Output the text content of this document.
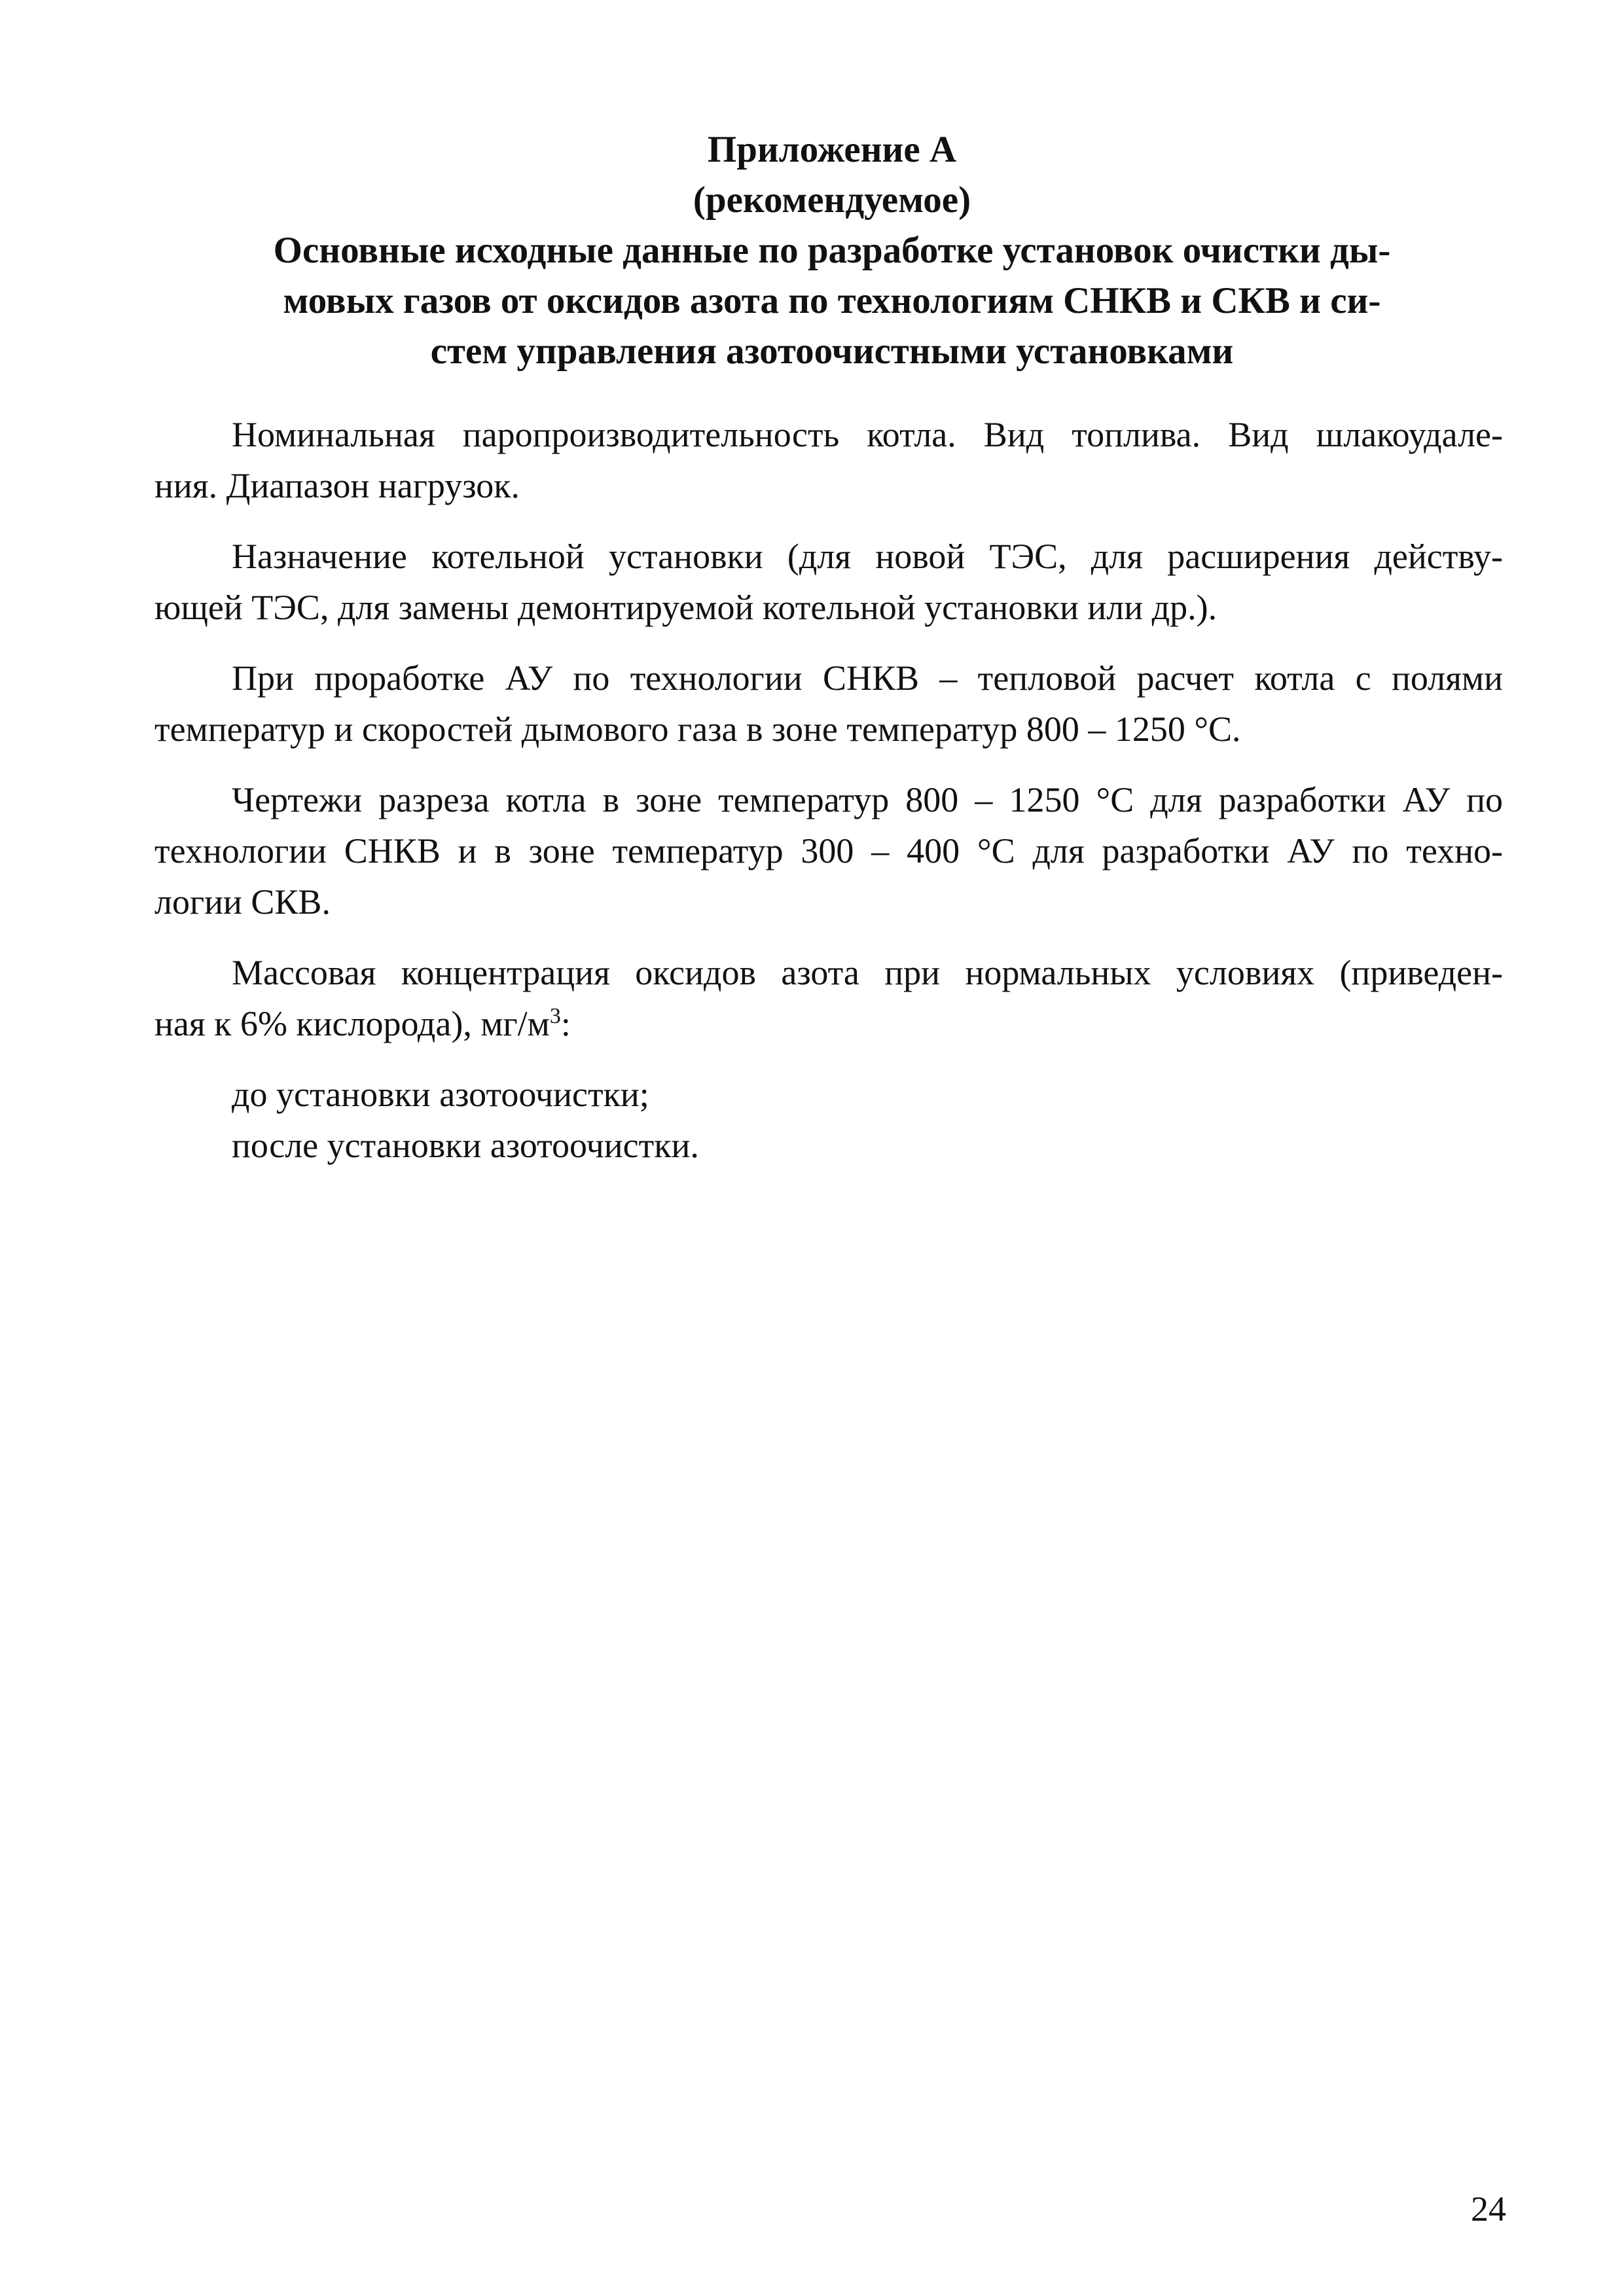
Приложение А
(рекомендуемое)
Основные исходные данные по разработке установок очистки ды-
мовых газов от оксидов азота по технологиям СНКВ и СКВ и си-
стем управления азотоочистными установками
Номинальная паропроизводительность котла. Вид топлива. Вид шлакоудале-
ния. Диапазон нагрузок.
Назначение котельной установки (для новой ТЭС, для расширения действу-
ющей ТЭС, для замены демонтируемой котельной установки или др.).
При проработке АУ по технологии СНКВ – тепловой расчет котла с полями
температур и скоростей дымового газа в зоне температур 800 – 1250 °С.
Чертежи разреза котла в зоне температур 800 – 1250 °С для разработки АУ по
технологии СНКВ и в зоне температур 300 – 400 °С для разработки АУ по техно-
логии СКВ.
Массовая концентрация оксидов азота при нормальных условиях (приведен-
ная к 6% кислорода), $мг/м^3$:
до установки азотоочистки;
после установки азотоочистки.
24
